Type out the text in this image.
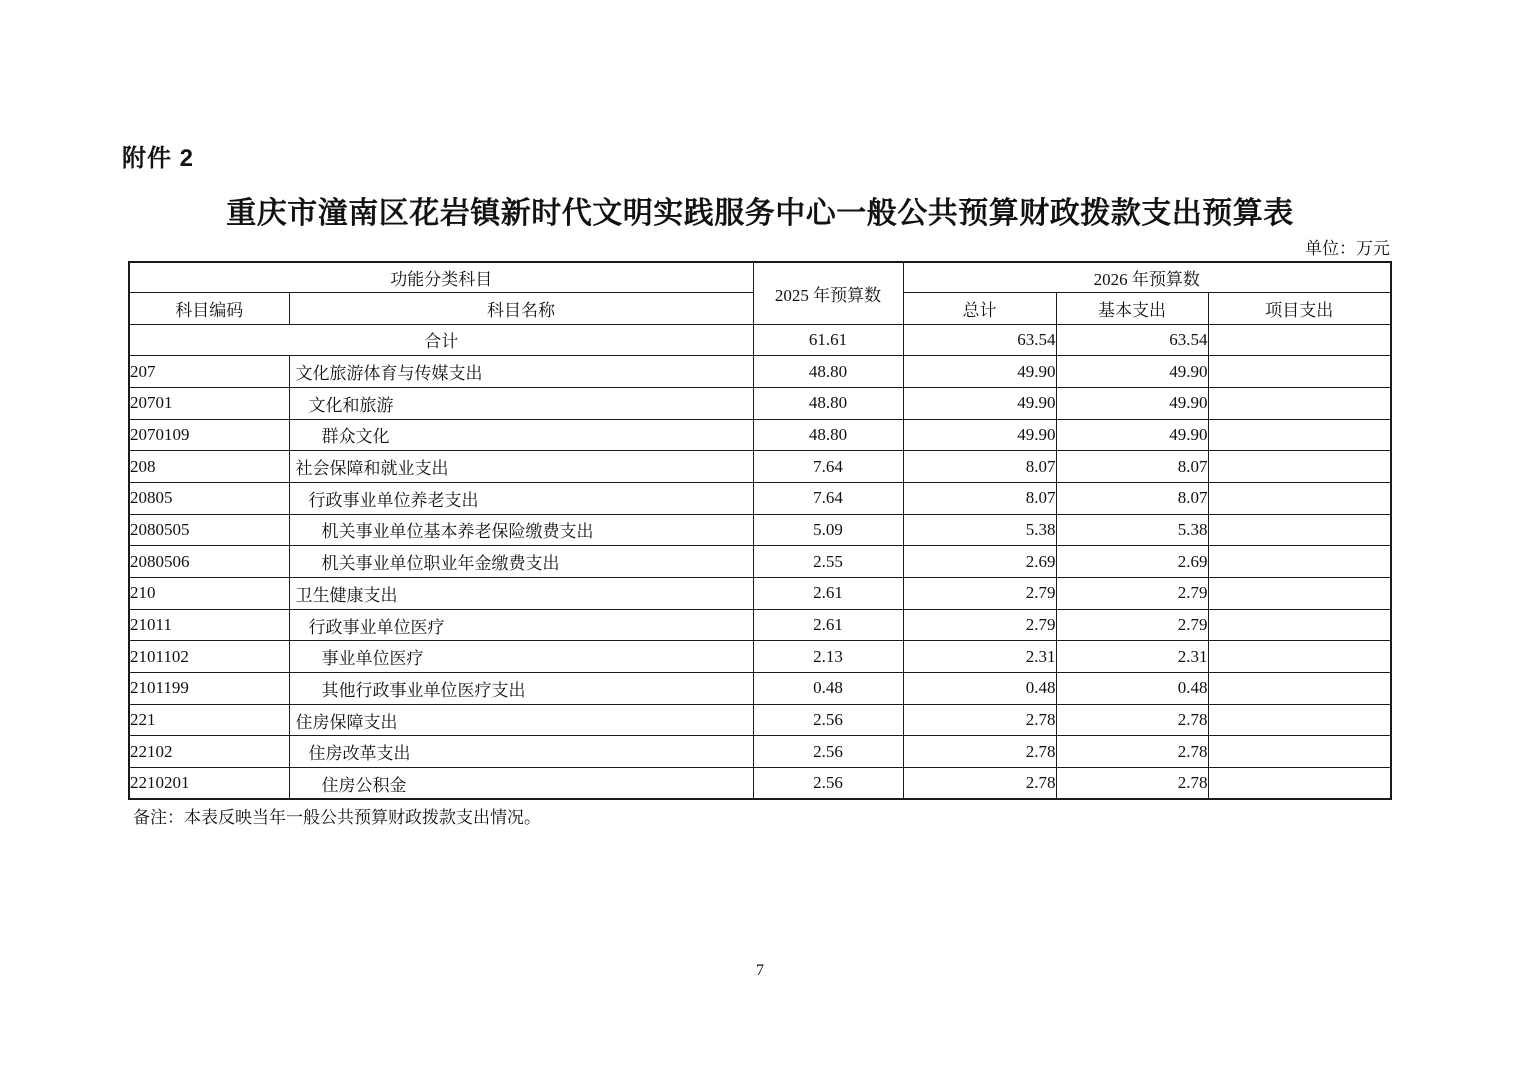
附件 2
重庆市潼南区花岩镇新时代文明实践服务中心一般公共预算财政拨款支出预算表
单位：万元
功能分类科目		2025 年预算数	2026 年预算数		
科目编码	科目名称		总计	基本支出	项目支出
合计		61.61	63.54	63.54	
207	文化旅游体育与传媒支出	48.80	49.90	49.90	
20701	文化和旅游	48.80	49.90	49.90	
2070109	群众文化	48.80	49.90	49.90	
208	社会保障和就业支出	7.64	8.07	8.07	
20805	行政事业单位养老支出	7.64	8.07	8.07	
2080505	机关事业单位基本养老保险缴费支出	5.09	5.38	5.38	
2080506	机关事业单位职业年金缴费支出	2.55	2.69	2.69	
210	卫生健康支出	2.61	2.79	2.79	
21011	行政事业单位医疗	2.61	2.79	2.79	
2101102	事业单位医疗	2.13	2.31	2.31	
2101199	其他行政事业单位医疗支出	0.48	0.48	0.48	
221	住房保障支出	2.56	2.78	2.78	
22102	住房改革支出	2.56	2.78	2.78	
2210201	住房公积金	2.56	2.78	2.78	
备注：本表反映当年一般公共预算财政拨款支出情况。
7
